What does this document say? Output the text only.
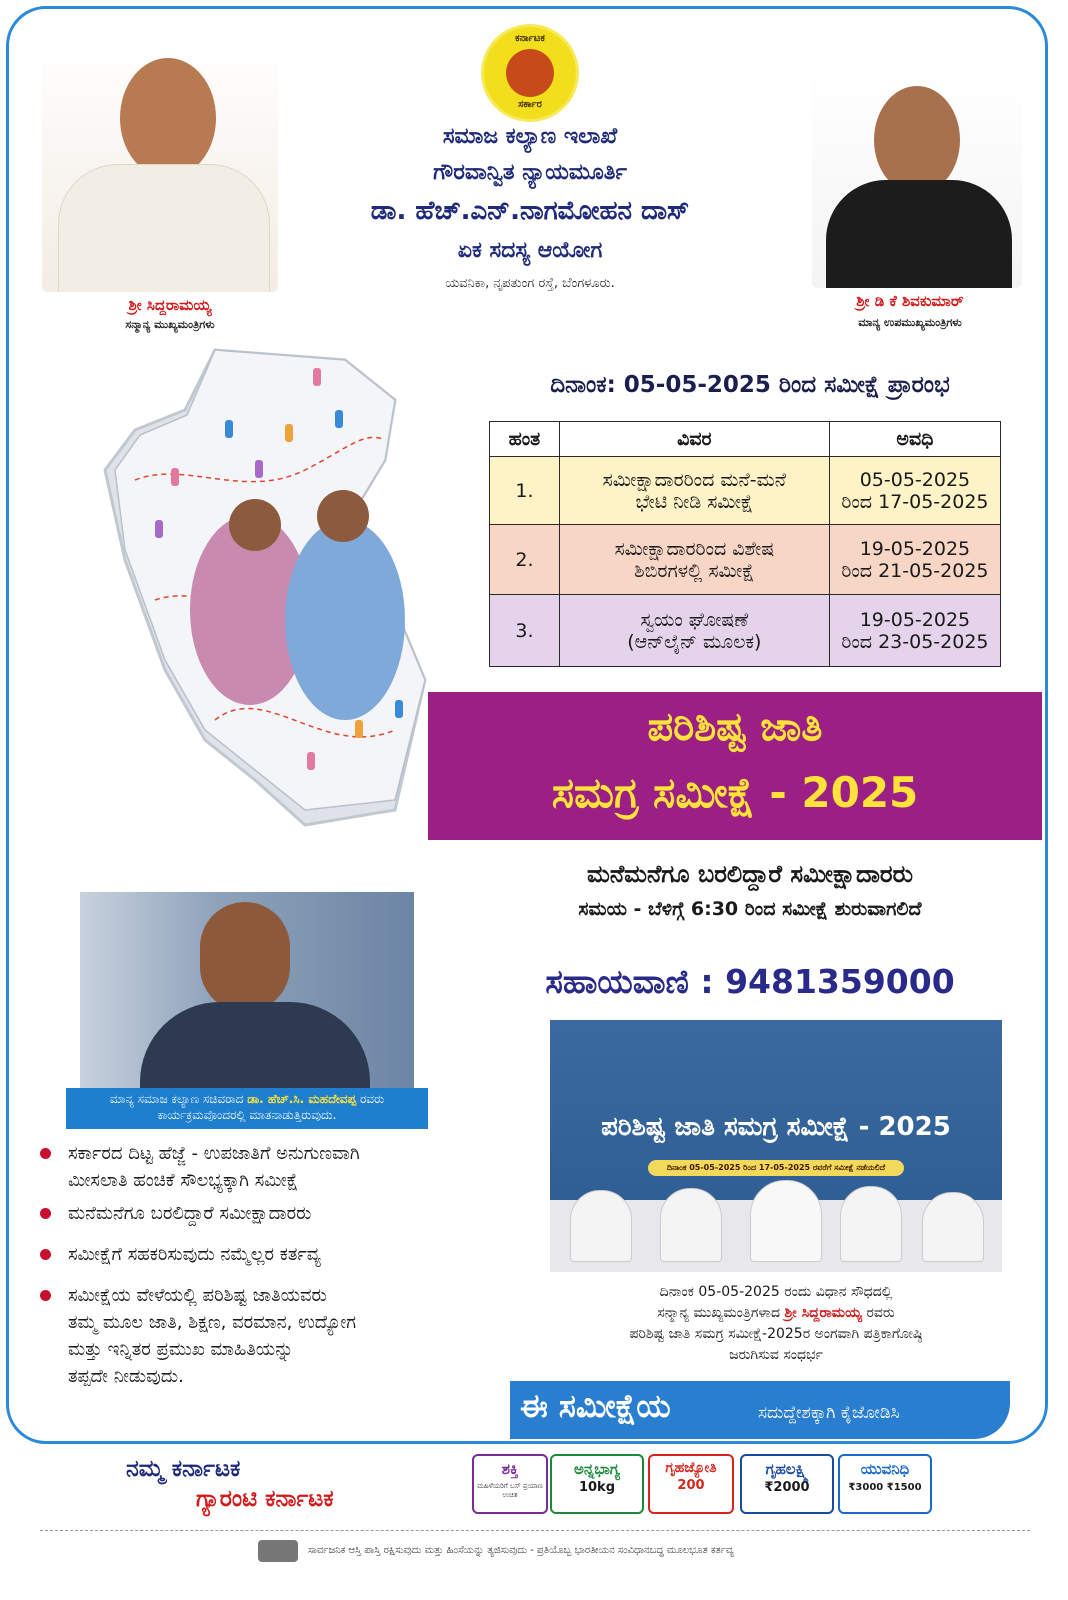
ಕರ್ನಾಟಕ
ಸರ್ಕಾರ
ಸಮಾಜ ಕಲ್ಯಾಣ ಇಲಾಖೆ
ಗೌರವಾನ್ವಿತ ನ್ಯಾಯಮೂರ್ತಿ
ಡಾ. ಹೆಚ್.ಎನ್.ನಾಗಮೋಹನ ದಾಸ್
ಏಕ ಸದಸ್ಯ ಆಯೋಗ
ಯವನಿಕಾ, ನೃಪತುಂಗ ರಸ್ತೆ, ಬೆಂಗಳೂರು.
ಶ್ರೀ ಸಿದ್ದರಾಮಯ್ಯ
ಸನ್ಮಾನ್ಯ ಮುಖ್ಯಮಂತ್ರಿಗಳು
ಶ್ರೀ ಡಿ ಕೆ ಶಿವಕುಮಾರ್
ಮಾನ್ಯ ಉಪಮುಖ್ಯಮಂತ್ರಿಗಳು
ದಿನಾಂಕ: 05-05-2025 ರಿಂದ ಸಮೀಕ್ಷೆ ಪ್ರಾರಂಭ
ಹಂತ	ವಿವರ	ಅವಧಿ
1.	ಸಮೀಕ್ಷಾದಾರರಿಂದ ಮನೆ-ಮನೆ
ಭೇಟಿ ನೀಡಿ ಸಮೀಕ್ಷೆ	05-05-2025
ರಿಂದ 17-05-2025
2.	ಸಮೀಕ್ಷಾದಾರರಿಂದ ವಿಶೇಷ
ಶಿಬಿರಗಳಲ್ಲಿ ಸಮೀಕ್ಷೆ	19-05-2025
ರಿಂದ 21-05-2025
3.	ಸ್ವಯಂ ಘೋಷಣೆ
(ಆನ್‌ಲೈನ್ ಮೂಲಕ)	19-05-2025
ರಿಂದ 23-05-2025
ಪರಿಶಿಷ್ಟ ಜಾತಿ
ಸಮಗ್ರ ಸಮೀಕ್ಷೆ - 2025
ಮನೆಮನೆಗೂ ಬರಲಿದ್ದಾರೆ ಸಮೀಕ್ಷಾದಾರರು
ಸಮಯ - ಬೆಳಿಗ್ಗೆ 6:30 ರಿಂದ ಸಮೀಕ್ಷೆ ಶುರುವಾಗಲಿದೆ
ಸಹಾಯವಾಣಿ : 9481359000
ಮಾನ್ಯ ಸಮಾಜ ಕಲ್ಯಾಣ ಸಚಿವರಾದ ಡಾ. ಹೆಚ್.ಸಿ. ಮಹದೇವಪ್ಪ ರವರು
ಕಾರ್ಯಕ್ರಮವೊಂದರಲ್ಲಿ ಮಾತನಾಡುತ್ತಿರುವುದು.
ಸರ್ಕಾರದ ದಿಟ್ಟ ಹೆಜ್ಜೆ - ಉಪಜಾತಿಗೆ ಅನುಗುಣವಾಗಿ
ಮೀಸಲಾತಿ ಹಂಚಿಕೆ ಸೌಲಭ್ಯಕ್ಕಾಗಿ ಸಮೀಕ್ಷೆ
ಮನೆಮನೆಗೂ ಬರಲಿದ್ದಾರೆ ಸಮೀಕ್ಷಾದಾರರು
ಸಮೀಕ್ಷೆಗೆ ಸಹಕರಿಸುವುದು ನಮ್ಮೆಲ್ಲರ ಕರ್ತವ್ಯ
ಸಮೀಕ್ಷೆಯ ವೇಳೆಯಲ್ಲಿ ಪರಿಶಿಷ್ಟ ಜಾತಿಯವರು
ತಮ್ಮ ಮೂಲ ಜಾತಿ, ಶಿಕ್ಷಣ, ವರಮಾನ, ಉದ್ಯೋಗ
ಮತ್ತು ಇನ್ನಿತರ ಪ್ರಮುಖ ಮಾಹಿತಿಯನ್ನು
ತಪ್ಪದೇ ನೀಡುವುದು.
ಪರಿಶಿಷ್ಟ ಜಾತಿ ಸಮಗ್ರ ಸಮೀಕ್ಷೆ - 2025
ದಿನಾಂಕ 05-05-2025 ರಿಂದ 17-05-2025 ರವರೆಗೆ ಸಮೀಕ್ಷೆ ನಡೆಯಲಿದೆ
ದಿನಾಂಕ 05-05-2025 ರಂದು ವಿಧಾನ ಸೌಧದಲ್ಲಿ
ಸನ್ಮಾನ್ಯ ಮುಖ್ಯಮಂತ್ರಿಗಳಾದ ಶ್ರೀ ಸಿದ್ದರಾಮಯ್ಯ ರವರು
ಪರಿಶಿಷ್ಟ ಜಾತಿ ಸಮಗ್ರ ಸಮೀಕ್ಷೆ-2025ರ ಅಂಗವಾಗಿ ಪತ್ರಿಕಾಗೋಷ್ಠಿ
ಜರುಗಿಸುವ ಸಂಧರ್ಭ
ಈ ಸಮೀಕ್ಷೆಯ	ಸದುದ್ದೇಶಕ್ಕಾಗಿ ಕೈಜೋಡಿಸಿ
ನಮ್ಮ ಕರ್ನಾಟಕ
ಗ್ಯಾರಂಟಿ ಕರ್ನಾಟಕ
ಶಕ್ತಿ
ಮಹಿಳೆಯರಿಗೆ ಬಸ್ ಪ್ರಯಾಣ ಉಚಿತ
ಅನ್ನಭಾಗ್ಯ
10kg
ಗೃಹಜ್ಯೋತಿ
200
ಗೃಹಲಕ್ಷ್ಮಿ
₹2000
ಯುವನಿಧಿ
₹3000 ₹1500
ಸಾರ್ವಜನಿಕ ಆಸ್ತಿ ಪಾಸ್ತಿ ರಕ್ಷಿಸುವುದು ಮತ್ತು ಹಿಂಸೆಯನ್ನು ತ್ಯಜಿಸುವುದು - ಪ್ರತಿಯೊಬ್ಬ ಭಾರತೀಯನ ಸಂವಿಧಾನಬದ್ಧ ಮೂಲಭೂತ ಕರ್ತವ್ಯ
